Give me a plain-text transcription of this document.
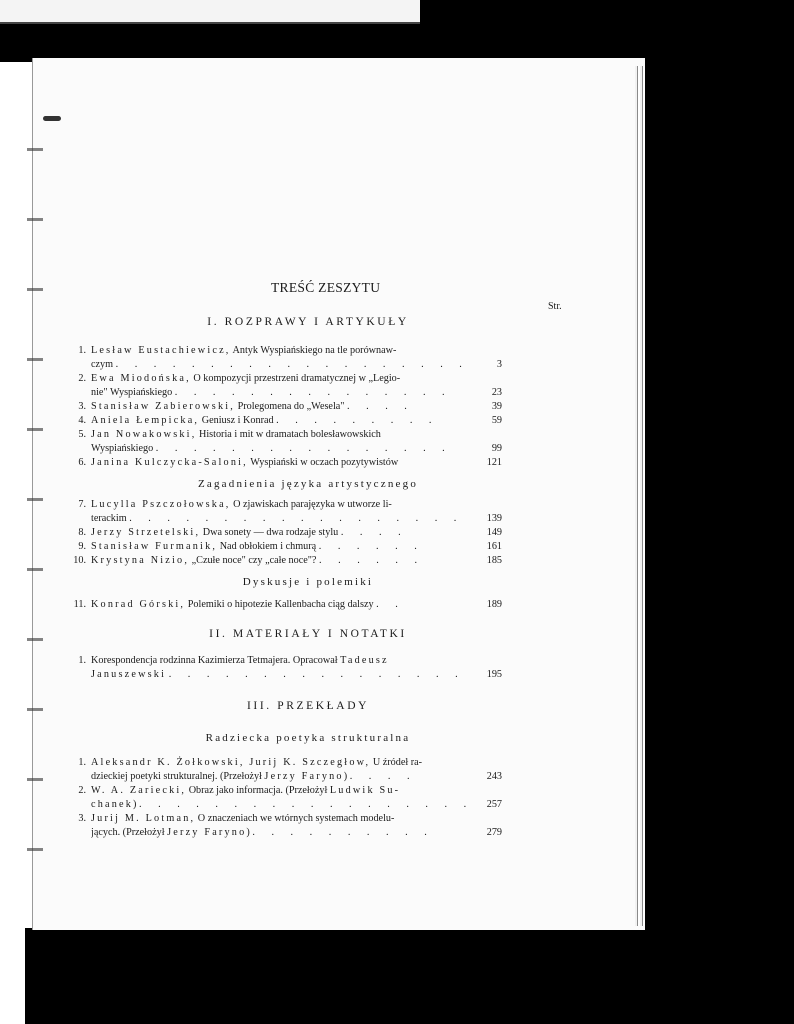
TREŚĆ ZESZYTU
Str.
I. ROZPRAWY I ARTYKUŁY
1. Lesław Eustachiewicz, Antyk Wyspiańskiego na tle porównaw-
czym . . . . . . . . . . . . . . . . . . .	3
2. Ewa Miodońska, O kompozycji przestrzeni dramatycznej w „Legio-
nie" Wyspiańskiego . . . . . . . . . . . . . . .	23
3. Stanisław Zabierowski, Prolegomena do „Wesela" . . . .	39
4. Aniela Łempicka, Geniusz i Konrad . . . . . . . . .	59
5. Jan Nowakowski, Historia i mit w dramatach bolesławowskich
Wyspiańskiego . . . . . . . . . . . . . . . .	99
6. Janina Kulczycka-Saloni, Wyspiański w oczach pozytywistów	121
Zagadnienia języka artystycznego
7. Lucylla Pszczołowska, O zjawiskach parajęzyka w utworze li-
terackim . . . . . . . . . . . . . . . . . .	139
8. Jerzy Strzetelski, Dwa sonety — dwa rodzaje stylu . . . .	149
9. Stanisław Furmanik, Nad obłokiem i chmurą . . . . . .	161
10. Krystyna Nizio, „Czułe noce" czy „całe noce"? . . . . . .	185
Dyskusje i polemiki
11. Konrad Górski, Polemiki o hipotezie Kallenbacha ciąg dalszy . .	189
II. MATERIAŁY I NOTATKI
1. Korespondencja rodzinna Kazimierza Tetmajera. Opracował Tadeusz
Januszewski . . . . . . . . . . . . . . . .	195
III. PRZEKŁADY
Radziecka poetyka strukturalna
1. Aleksandr K. Żołkowski, Jurij K. Szczegłow, U źródeł ra-
dzieckiej poetyki strukturalnej. (Przełożył Jerzy Faryno) . . . .	243
2. W. A. Zariecki, Obraz jako informacja. (Przełożył Ludwik Su-
chanek) . . . . . . . . . . . . . . . . . .	257
3. Jurij M. Lotman, O znaczeniach we wtórnych systemach modelu-
jących. (Przełożył Jerzy Faryno) . . . . . . . . . .	279
